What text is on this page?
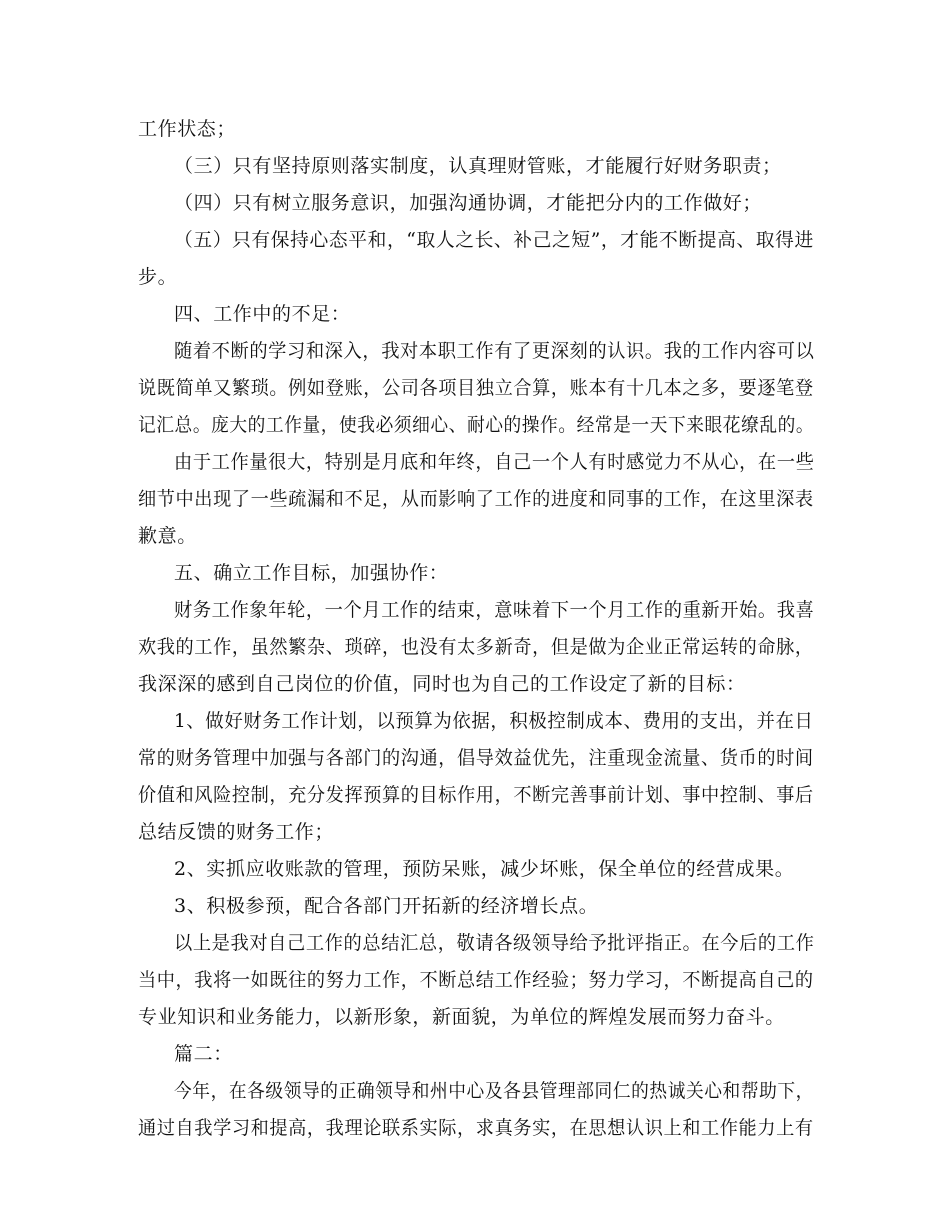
工作状态；
（三）只有坚持原则落实制度，认真理财管账，才能履行好财务职责；
（四）只有树立服务意识，加强沟通协调，才能把分内的工作做好；
（五）只有保持心态平和，“取人之长、补己之短”，才能不断提高、取得进
步。
四、工作中的不足：
随着不断的学习和深入，我对本职工作有了更深刻的认识。我的工作内容可以
说既简单又繁琐。例如登账，公司各项目独立合算，账本有十几本之多，要逐笔登
记汇总。庞大的工作量，使我必须细心、耐心的操作。经常是一天下来眼花缭乱的。
由于工作量很大，特别是月底和年终，自己一个人有时感觉力不从心，在一些
细节中出现了一些疏漏和不足，从而影响了工作的进度和同事的工作，在这里深表
歉意。
五、确立工作目标，加强协作：
财务工作象年轮，一个月工作的结束，意味着下一个月工作的重新开始。我喜
欢我的工作，虽然繁杂、琐碎，也没有太多新奇，但是做为企业正常运转的命脉，
我深深的感到自己岗位的价值，同时也为自己的工作设定了新的目标：
1、做好财务工作计划，以预算为依据，积极控制成本、费用的支出，并在日
常的财务管理中加强与各部门的沟通，倡导效益优先，注重现金流量、货币的时间
价值和风险控制，充分发挥预算的目标作用，不断完善事前计划、事中控制、事后
总结反馈的财务工作；
2、实抓应收账款的管理，预防呆账，减少坏账，保全单位的经营成果。
3、积极参预，配合各部门开拓新的经济增长点。
以上是我对自己工作的总结汇总，敬请各级领导给予批评指正。在今后的工作
当中，我将一如既往的努力工作，不断总结工作经验；努力学习，不断提高自己的
专业知识和业务能力，以新形象，新面貌，为单位的辉煌发展而努力奋斗。
篇二：
今年，在各级领导的正确领导和州中心及各县管理部同仁的热诚关心和帮助下，
通过自我学习和提高，我理论联系实际，求真务实，在思想认识上和工作能力上有
